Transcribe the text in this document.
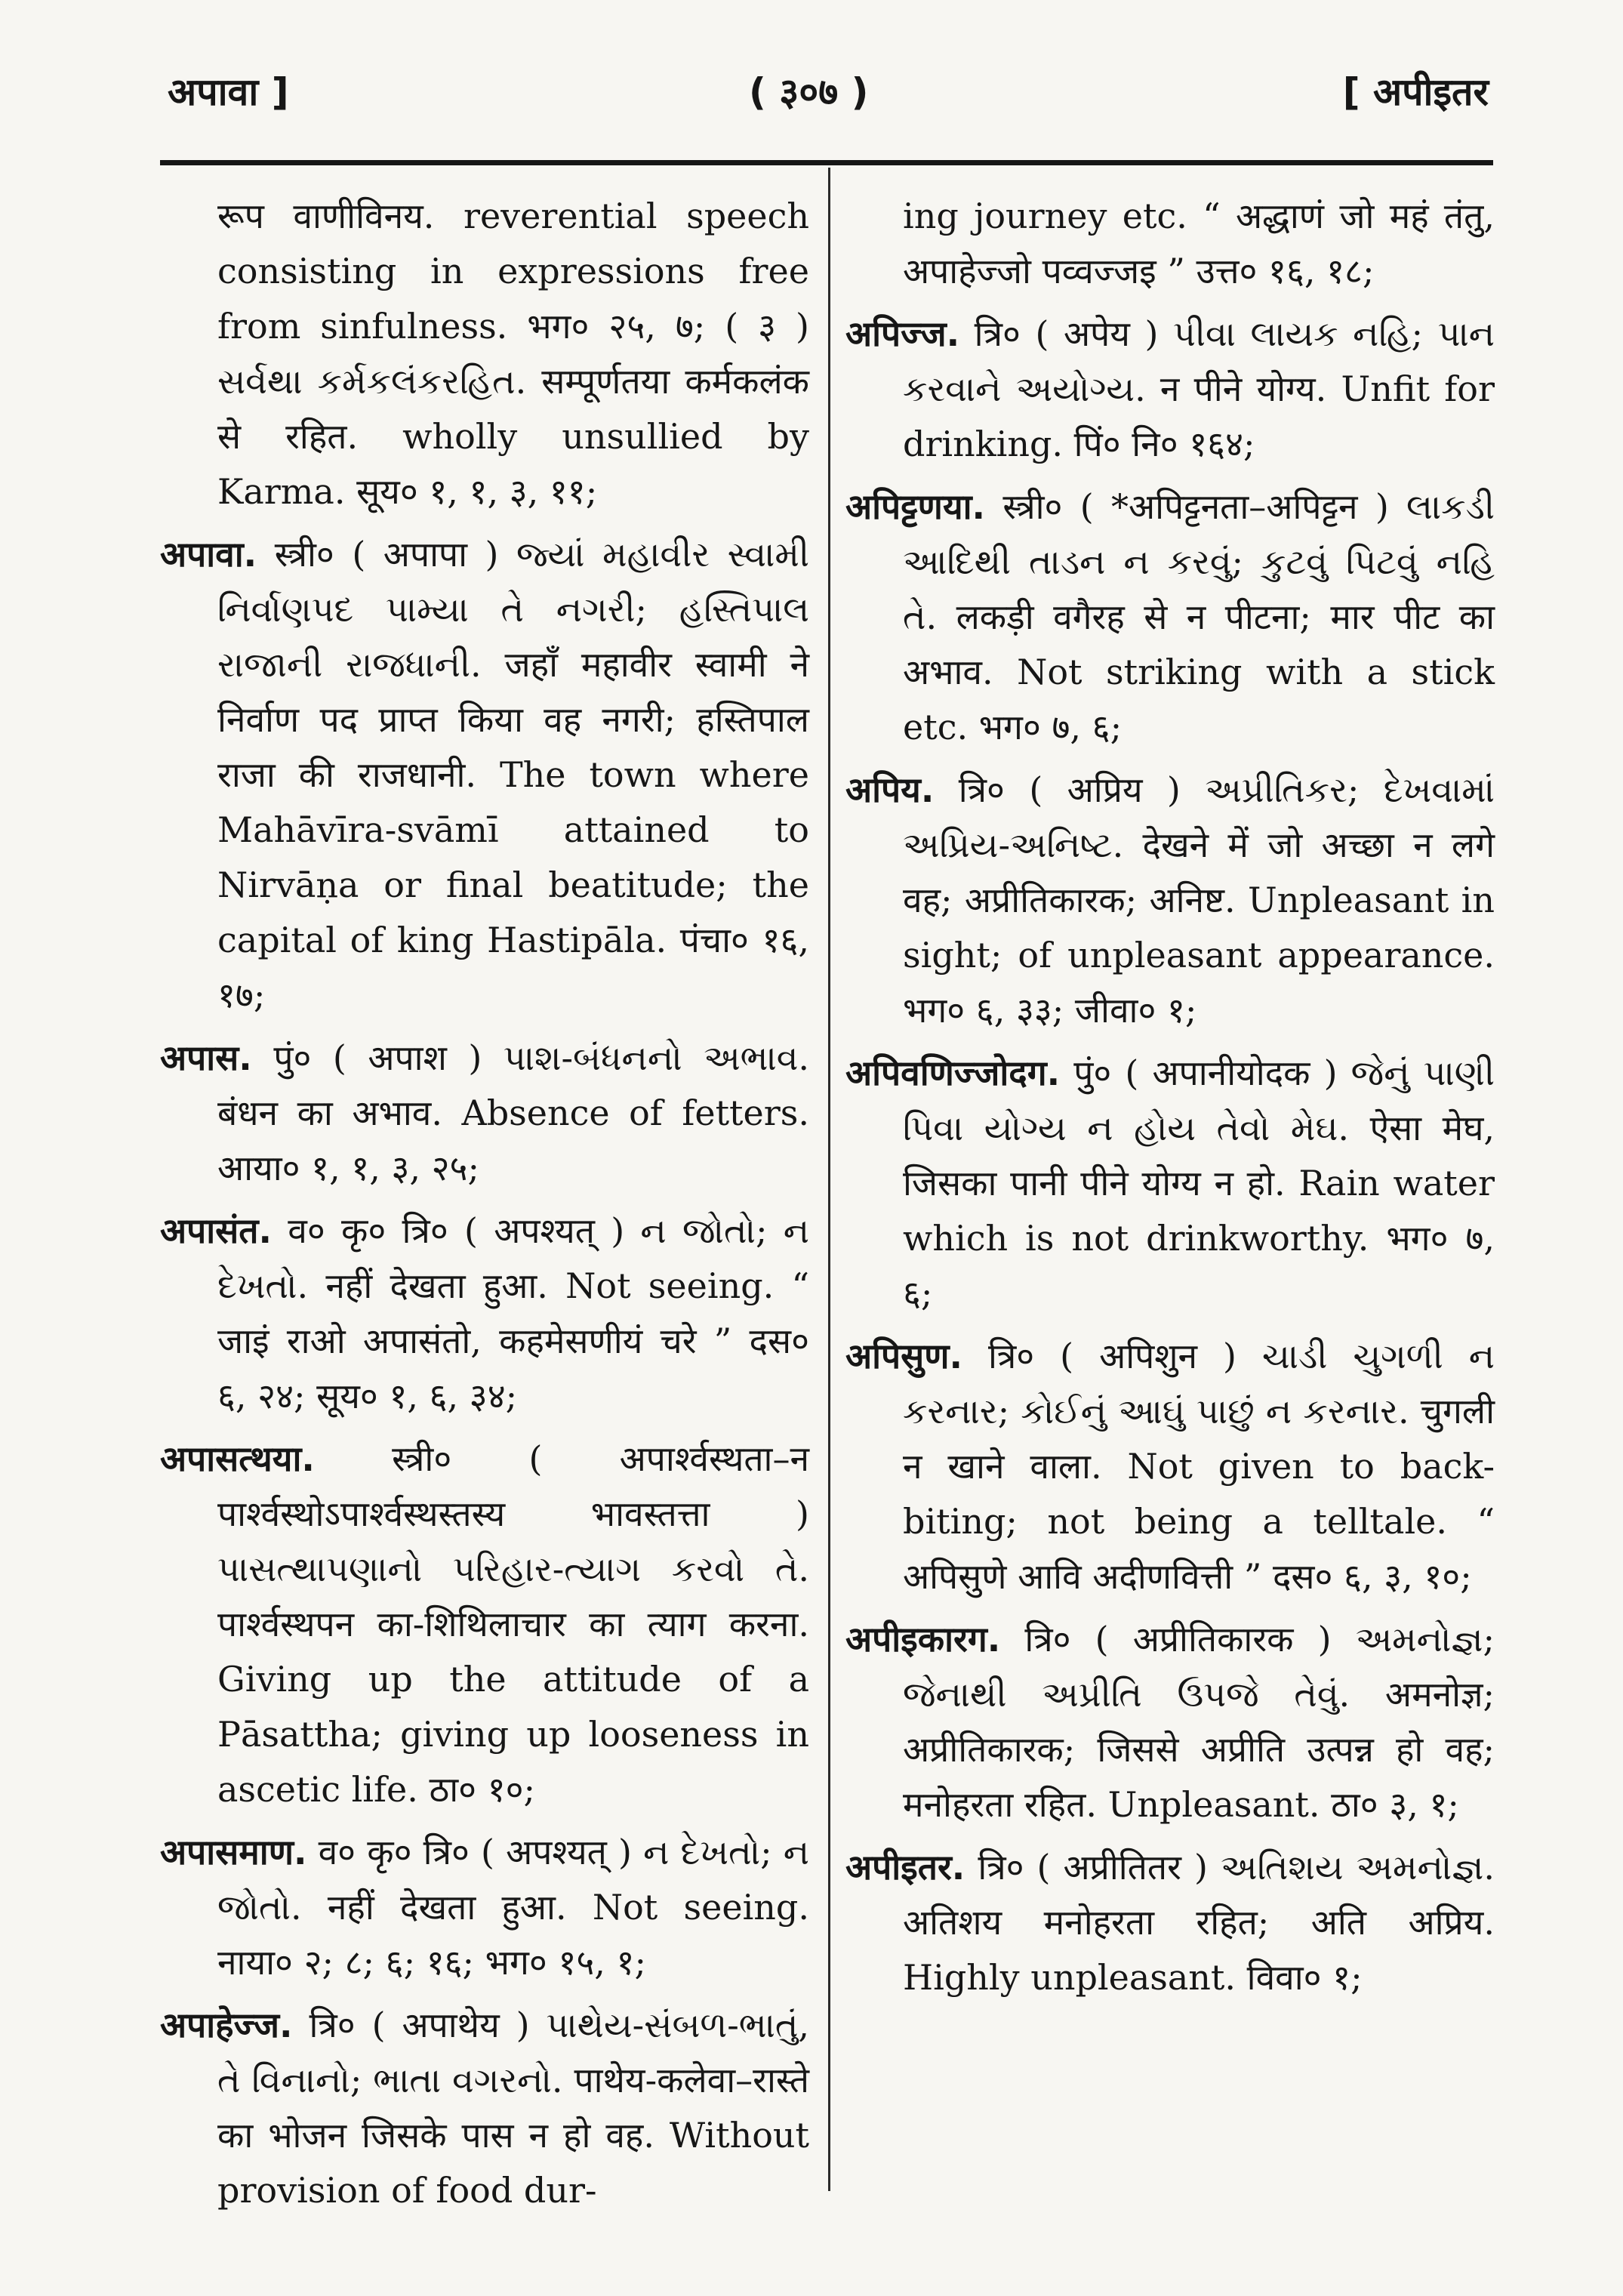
अपावा ]	( ३०७ )	[ अपीइतर

रूप वाणीविनय. reverential speech consisting in expressions free from sinfulness. भग० २५, ७; ( ३ ) સર્વથા કર્મકલંકરહિત. सम्पूर्णतया कर्मकलंक से रहित. wholly unsullied by Karma. सूय० १, १, ३, ११;

अपावा. स्त्री० ( अपापा ) જ્યાં મહાવીર સ્વામી નિર્વાણપદ પામ્યા તે નગરી; હસ્તિપાલ રાજાની રાજધાની. जहाँ महावीर स्वामी ने निर्वाण पद प्राप्त किया वह नगरी; हस्तिपाल राजा की राजधानी. The town where Mahāvīra-svāmī attained to Nirvāṇa or final beatitude; the capital of king Hastipāla. पंचा० १६, १७;

अपास. पुं० ( अपाश ) પાશ-બંધનનો અભાવ. बंधन का अभाव. Absence of fetters. आया० १, १, ३, २५;

अपासंत. व० कृ० त्रि० ( अपश्यत् ) ન જોતો; ન દેખતો. नहीं देखता हुआ. Not seeing. “ जाइं राओ अपासंतो, कहमेसणीयं चरे ” दस० ६, २४; सूय० १, ६, ३४;

अपासत्थया. स्त्री० ( अपार्श्वस्थता–न पार्श्वस्थोऽपार्श्वस्थस्तस्य भावस्तत्ता ) પાસત્થાપણાનો પરિહાર-ત્યાગ કરવો તે. पार्श्वस्थपन का-शिथिलाचार का त्याग करना. Giving up the attitude of a Pāsattha; giving up looseness in ascetic life. ठा० १०;

अपासमाण. व० कृ० त्रि० ( अपश्यत् ) ન દેખતો; ન જોતો. नहीं देखता हुआ. Not seeing. नाया० २; ८; ६; १६; भग० १५, १;

अपाहेज्ज. त्रि० ( अपाथेय ) પાથેય-સંબળ-ભાતું, તે વિનાનો; ભાતા વગરનો. पाथेय-कलेवा–रास्ते का भोजन जिसके पास न हो वह. Without provision of food dur-

ing journey etc. “ अद्धाणं जो महं तंतु, अपाहेज्जो पव्वज्जइ ” उत्त० १६, १८;

अपिज्ज. त्रि० ( अपेय ) પીવા લાયક નહિ; પાન કરવાને અયોગ્ય. न पीने योग्य. Unfit for drinking. पिं० नि० १६४;

अपिट्टणया. स्त्री० ( *अपिट्टनता–अपिट्टन ) લાકડી આદિથી તાડન ન કરવું; કુટવું પિટવું નહિ તે. लकड़ी वगैरह से न पीटना; मार पीट का अभाव. Not striking with a stick etc. भग० ७, ६;

अपिय. त्रि० ( अप्रिय ) અપ્રીતિકર; દેખવામાં અપ્રિય-અનિષ્ટ. देखने में जो अच्छा न लगे वह; अप्रीतिकारक; अनिष्ट. Unpleasant in sight; of unpleasant appearance. भग० ६, ३३; जीवा० १;

अपिवणिज्जोदग. पुं० ( अपानीयोदक ) જેનું પાણી પિવા યોગ્ય ન હોય તેવો મેઘ. ऐसा मेघ, जिसका पानी पीने योग्य न हो. Rain water which is not drinkworthy. भग० ७, ६;

अपिसुण. त्रि० ( अपिशुन ) ચાડી ચુગળી ન કરનાર; કોઈનું આઘું પાછું ન કરનાર. चुगली न खाने वाला. Not given to back-biting; not being a telltale. “ अपिसुणे आवि अदीणवित्ती ” दस० ६, ३, १०;

अपीइकारग. त्रि० ( अप्रीतिकारक ) અમનોજ્ઞ; જેનાથી અપ્રીતિ ઉપજે તેવું. अमनोज्ञ; अप्रीतिकारक; जिससे अप्रीति उत्पन्न हो वह; मनोहरता रहित. Unpleasant. ठा० ३, १;

अपीइतर. त्रि० ( अप्रीतितर ) અતિશય અમનોજ્ઞ. अतिशय मनोहरता रहित; अति अप्रिय. Highly unpleasant. विवा० १;
